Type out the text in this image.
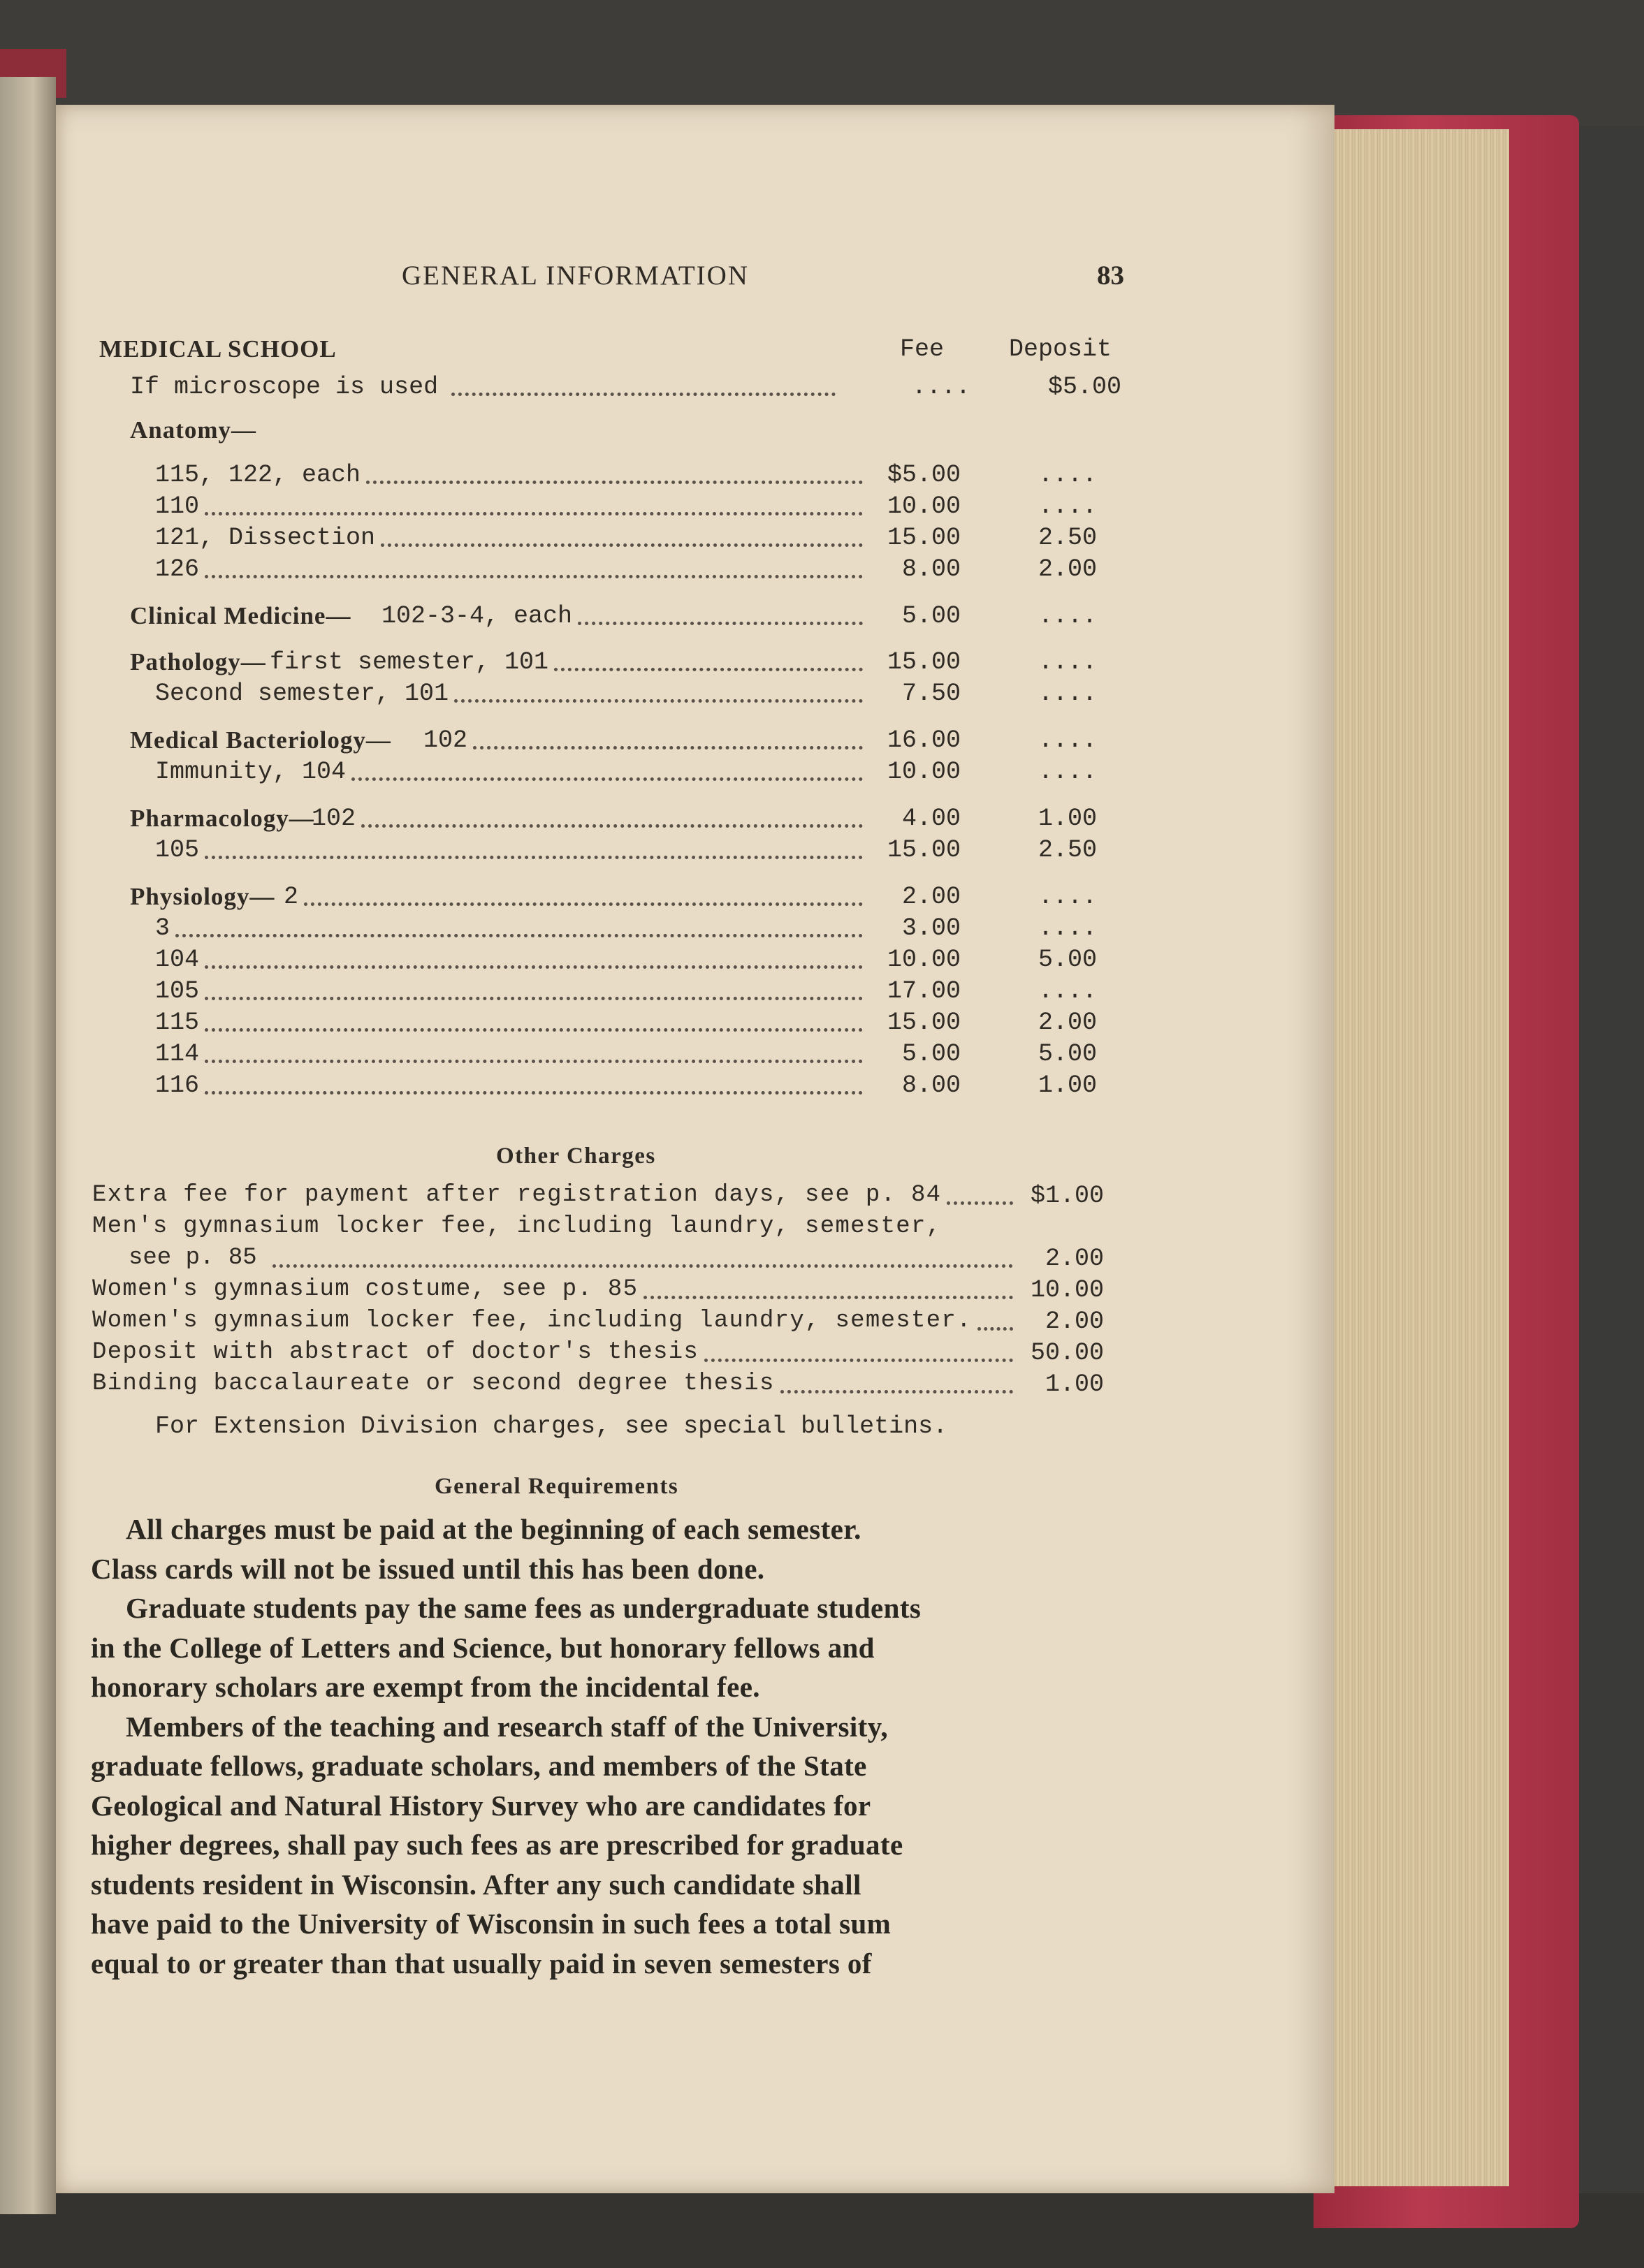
GENERAL INFORMATION	83
MEDICAL SCHOOL	Fee	Deposit
If microscope is used	....	$5.00
Anatomy—
115, 122, each	$5.00	....
110	10.00	....
121, Dissection	15.00	2.50
126	8.00	2.00
Clinical Medicine— 102-3-4, each	5.00	....
Pathology— first semester, 101	15.00	....
Second semester, 101	7.50	....
Medical Bacteriology— 102	16.00	....
Immunity, 104	10.00	....
Pharmacology—
102	4.00	1.00
105	15.00	2.50
Physiology— 2	2.00	....
3	3.00	....
104	10.00	5.00
105	17.00	....
115	15.00	2.00
114	5.00	5.00
116	8.00	1.00
Other Charges
Extra fee for payment after registration days, see p. 84	$1.00
Men's gymnasium locker fee, including laundry, semester,
see p. 85	2.00
Women's gymnasium costume, see p. 85	10.00
Women's gymnasium locker fee, including laundry, semester.	2.00
Deposit with abstract of doctor's thesis	50.00
Binding baccalaureate or second degree thesis	1.00
For Extension Division charges, see special bulletins.
General Requirements
All charges must be paid at the beginning of each semester.
Class cards will not be issued until this has been done.
Graduate students pay the same fees as undergraduate students
in the College of Letters and Science, but honorary fellows and
honorary scholars are exempt from the incidental fee.
Members of the teaching and research staff of the University,
graduate fellows, graduate scholars, and members of the State
Geological and Natural History Survey who are candidates for
higher degrees, shall pay such fees as are prescribed for graduate
students resident in Wisconsin. After any such candidate shall
have paid to the University of Wisconsin in such fees a total sum
equal to or greater than that usually paid in seven semesters of
